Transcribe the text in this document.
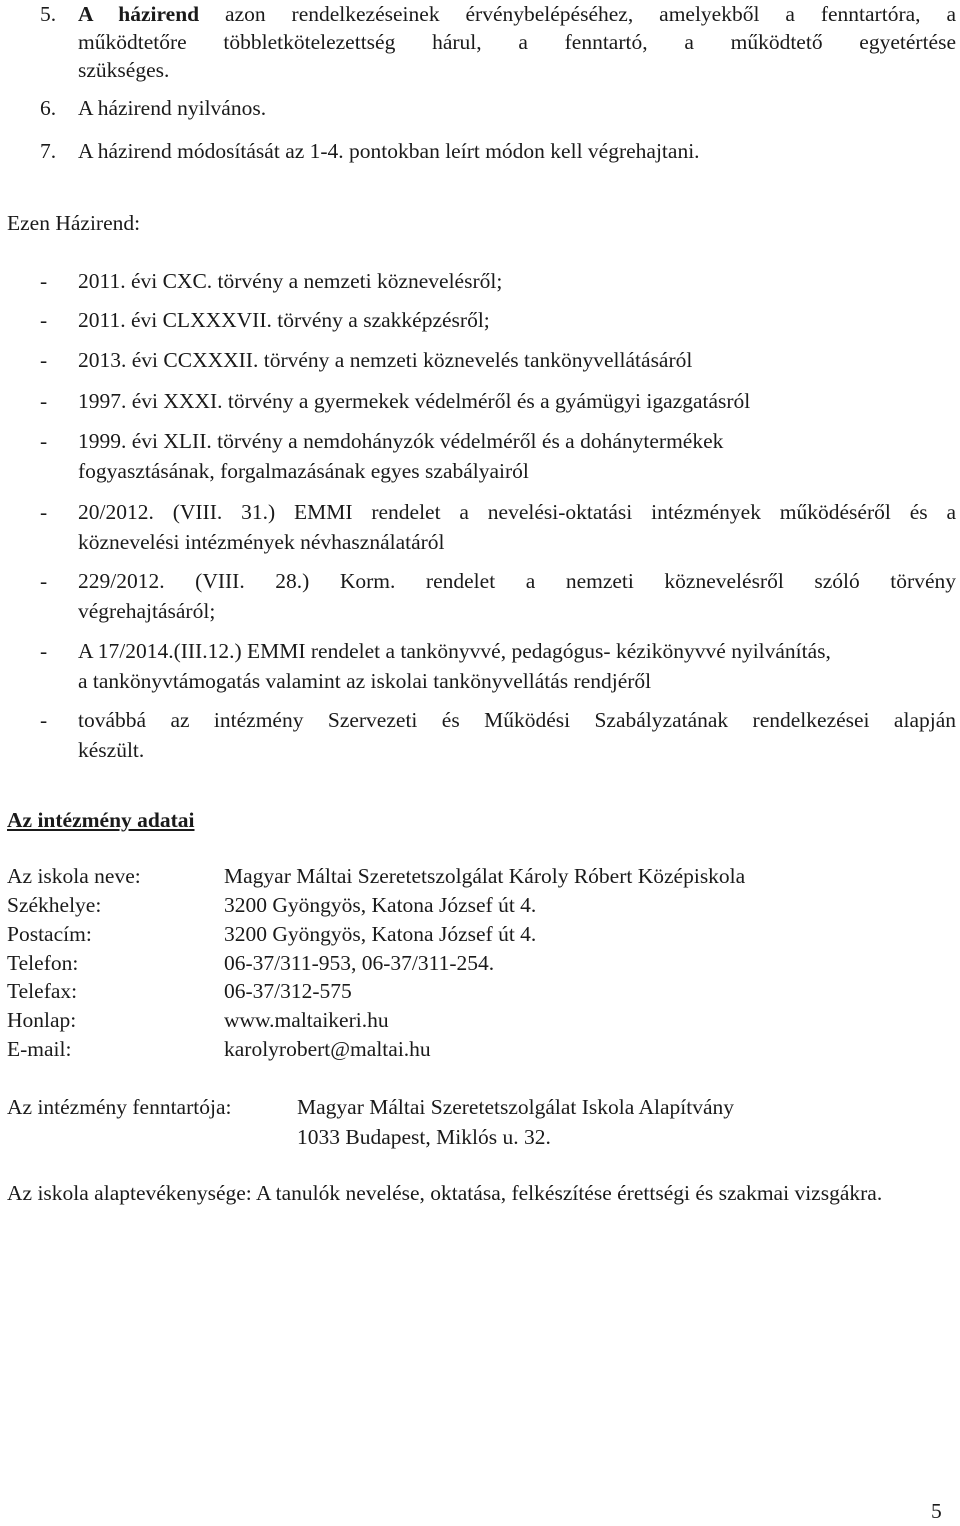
5.	A házirend azon rendelkezéseinek érvénybelépéséhez, amelyekből a fenntartóra, a
működtetőre többletkötelezettség hárul, a fenntartó, a működtető egyetértése
szükséges.
6.	A házirend nyilvános.
7.	A házirend módosítását az 1-4. pontokban leírt módon kell végrehajtani.
Ezen Házirend:
-	2011. évi CXC. törvény a nemzeti köznevelésről;
-	2011. évi CLXXXVII. törvény a szakképzésről;
-	2013. évi CCXXXII. törvény a nemzeti köznevelés tankönyvellátásáról
-	1997. évi XXXI. törvény a gyermekek védelméről és a gyámügyi igazgatásról
-	1999. évi XLII. törvény a nemdohányzók védelméről és a dohánytermékek
fogyasztásának, forgalmazásának egyes szabályairól
-	20/2012. (VIII. 31.) EMMI rendelet a nevelési-oktatási intézmények működéséről és a
köznevelési intézmények névhasználatáról
-	229/2012. (VIII. 28.) Korm. rendelet a nemzeti köznevelésről szóló törvény
végrehajtásáról;
-	A 17/2014.(III.12.) EMMI rendelet a tankönyvvé, pedagógus- kézikönyvvé nyilvánítás,
a tankönyvtámogatás valamint az iskolai tankönyvellátás rendjéről
-	továbbá az intézmény Szervezeti és Működési Szabályzatának rendelkezései alapján
készült.
Az intézmény adatai
Az iskola neve:	Magyar Máltai Szeretetszolgálat Károly Róbert Középiskola
Székhelye:	3200 Gyöngyös, Katona József út 4.
Postacím:	3200 Gyöngyös, Katona József út 4.
Telefon:	06-37/311-953, 06-37/311-254.
Telefax:	06-37/312-575
Honlap:	www.maltaikeri.hu
E-mail:	karolyrobert@maltai.hu
Az intézmény fenntartója:	Magyar Máltai Szeretetszolgálat Iskola Alapítvány
1033 Budapest, Miklós u. 32.
Az iskola alaptevékenysége: A tanulók nevelése, oktatása, felkészítése érettségi és szakmai vizsgákra.
5
